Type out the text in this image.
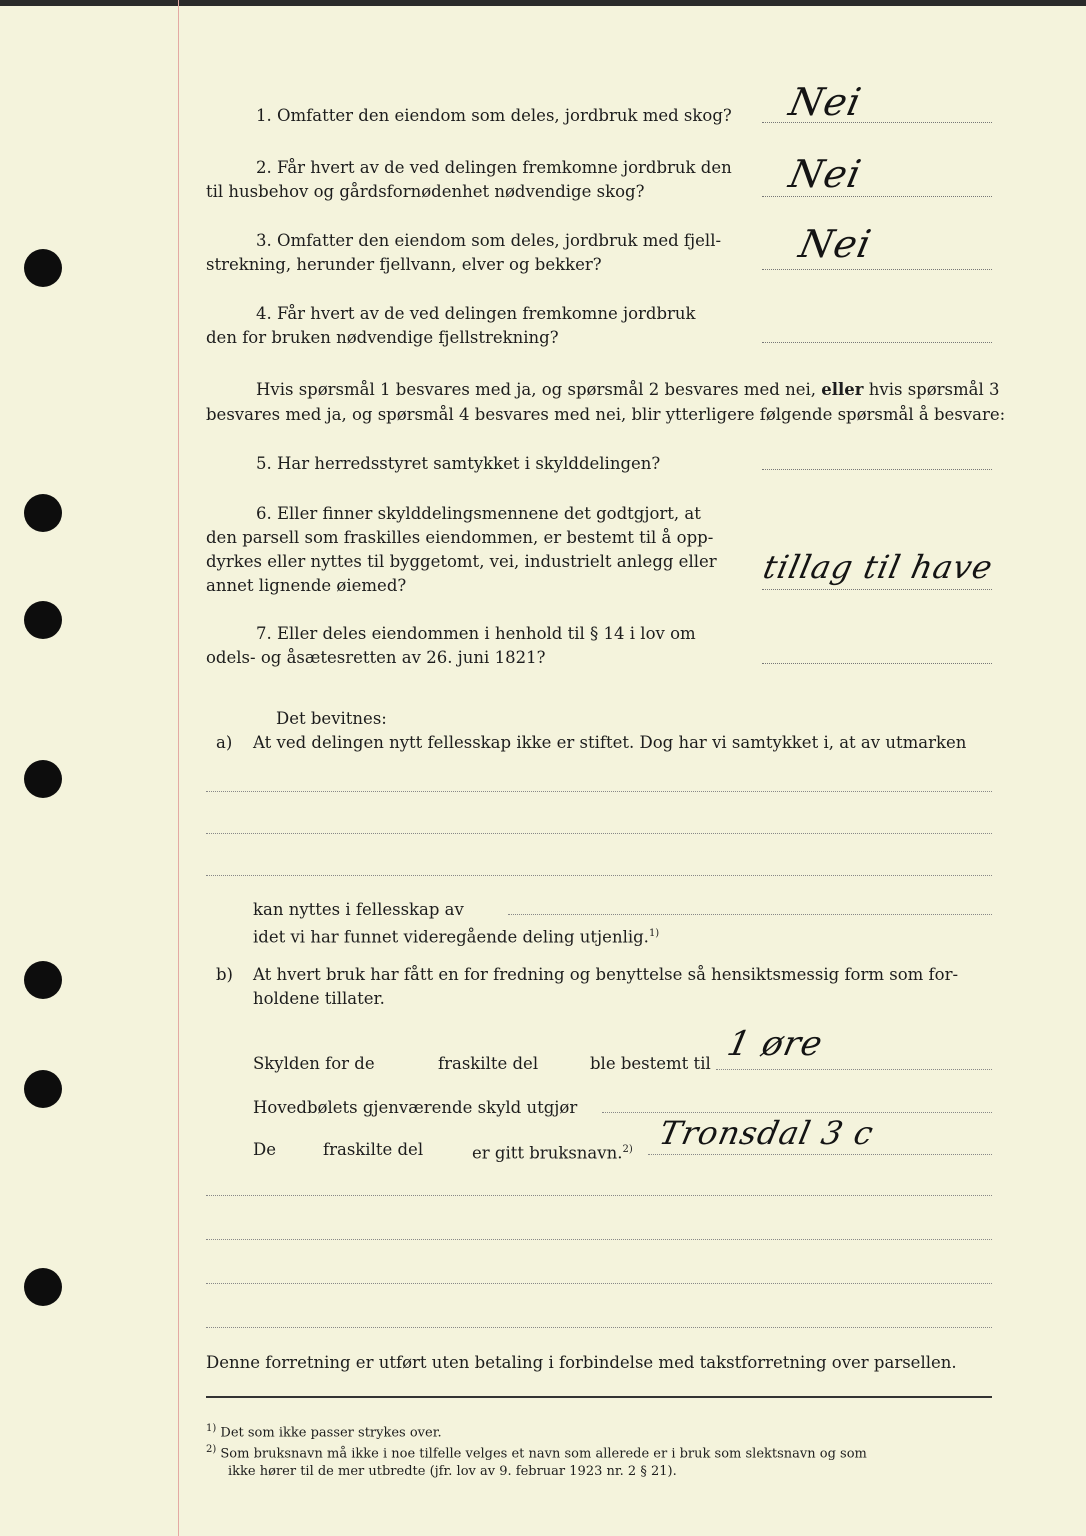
1. Omfatter den eiendom som deles, jordbruk med skog?	Nei
2. Får hvert av de ved delingen fremkomne jordbruk den
til husbehov og gårdsfornødenhet nødvendige skog?	Nei
3. Omfatter den eiendom som deles, jordbruk med fjell-
strekning, herunder fjellvann, elver og bekker?	Nei
4. Får hvert av de ved delingen fremkomne jordbruk
den for bruken nødvendige fjellstrekning?
Hvis spørsmål 1 besvares med ja, og spørsmål 2 besvares med nei, eller hvis spørsmål 3
besvares med ja, og spørsmål 4 besvares med nei, blir ytterligere følgende spørsmål å besvare:
5. Har herredsstyret samtykket i skylddelingen?
6. Eller finner skylddelingsmennene det godtgjort, at
den parsell som fraskilles eiendommen, er bestemt til å opp-
dyrkes eller nyttes til byggetomt, vei, industrielt anlegg eller
annet lignende øiemed?	tillag til have
7. Eller deles eiendommen i henhold til § 14 i lov om
odels- og åsætesretten av 26. juni 1821?
Det bevitnes:
a) At ved delingen nytt fellesskap ikke er stiftet. Dog har vi samtykket i, at av utmarken
kan nyttes i fellesskap av
idet vi har funnet videregående deling utjenlig.$^{1)}$
b) At hvert bruk har fått en for fredning og benyttelse så hensiktsmessig form som for-
holdene tillater.
Skylden for de	fraskilte del	ble bestemt til 1 øre
Hovedbølets gjenværende skyld utgjør
De	fraskilte del	er gitt bruksnavn.$^{2)}$ Tronsdal 3 c
Denne forretning er utført uten betaling i forbindelse med takstforretning over parsellen.
$^{1)}$ Det som ikke passer strykes over.
$^{2)}$ Som bruksnavn må ikke i noe tilfelle velges et navn som allerede er i bruk som slektsnavn og som
ikke hører til de mer utbredte (jfr. lov av 9. februar 1923 nr. 2 § 21).
